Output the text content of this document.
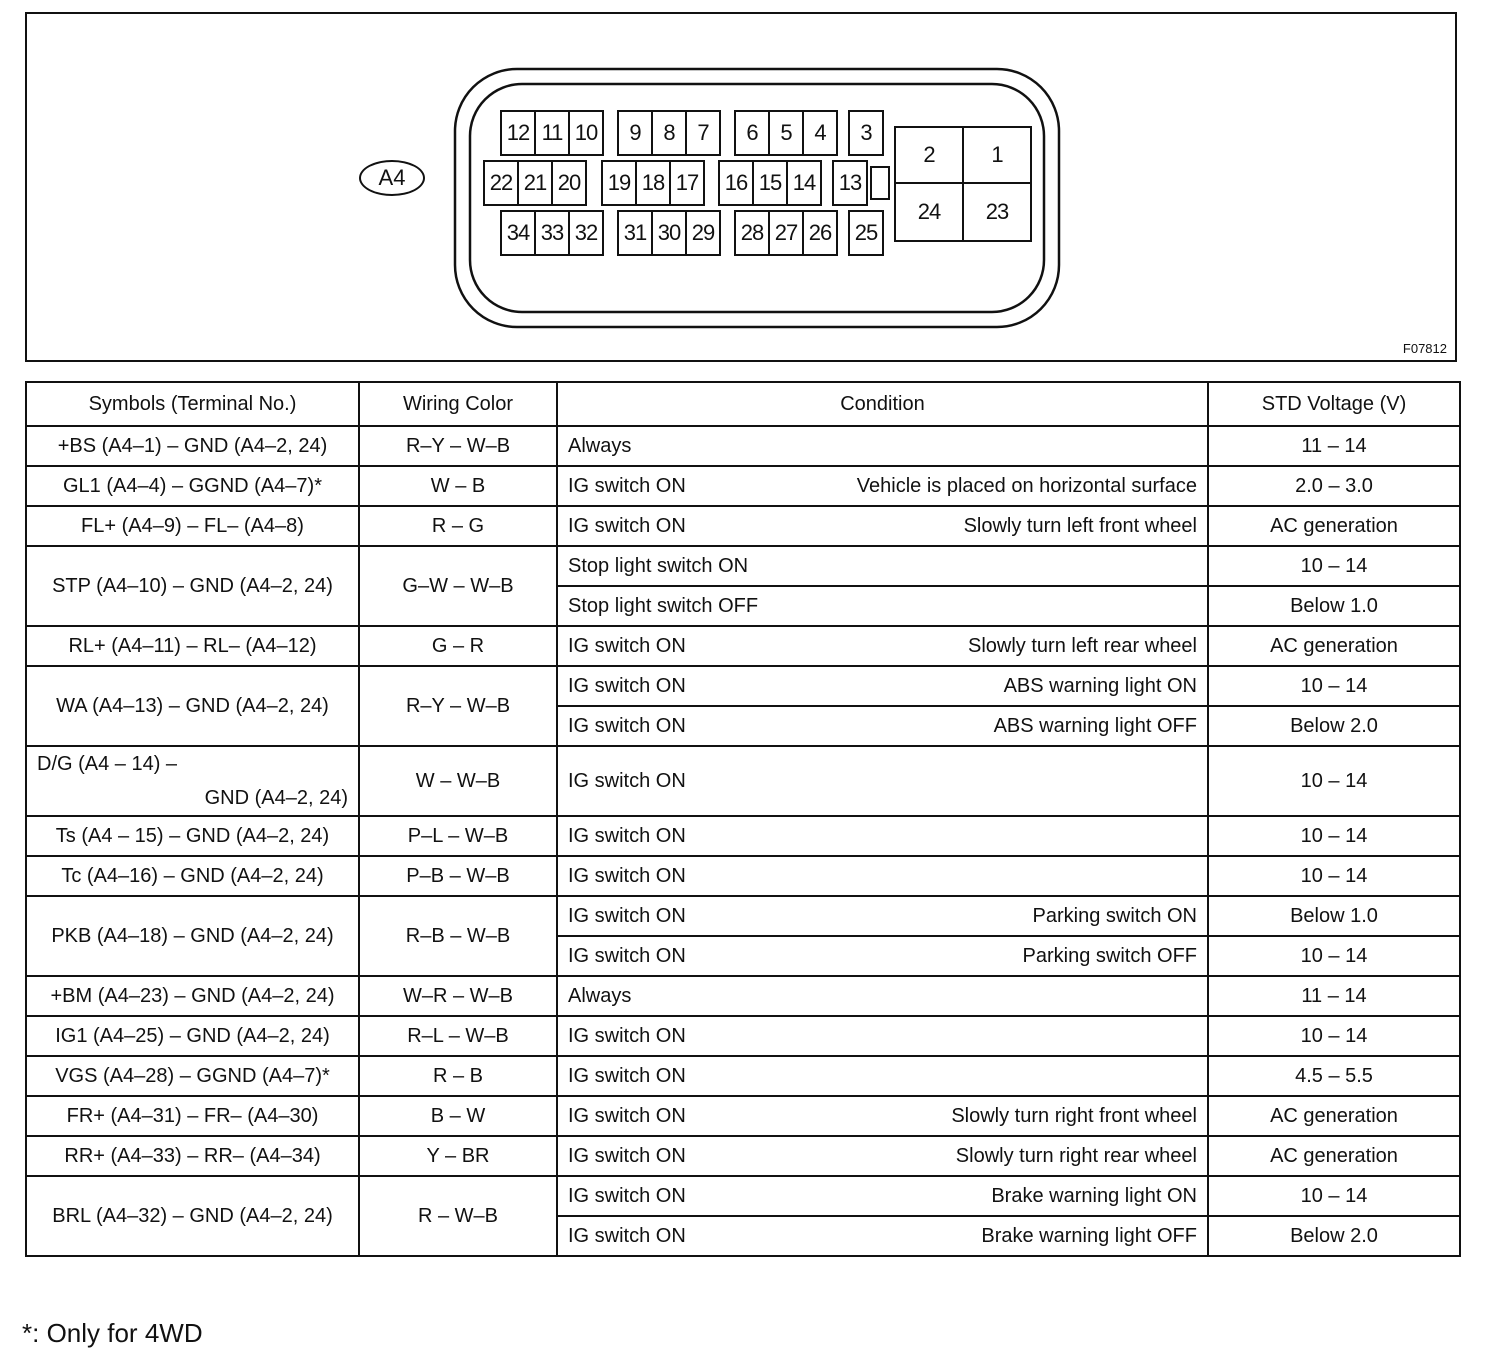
A4
12 11 10	9	8	7	6	5	4	3
22 21 20	19 18 17	16 15 14	13
34 33 32	31 30 29	28 27 26	25
2	1
24	23
F07812
Symbols (Terminal No.)	Wiring Color	Condition	STD Voltage (V)
+BS (A4–1) – GND (A4–2, 24)	R–Y – W–B	Always	11 – 14
GL1 (A4–4) – GGND (A4–7)*	W – B	IG switch ON Vehicle is placed on horizontal surface	2.0 – 3.0
FL+ (A4–9) – FL– (A4–8)	R – G	IG switch ON Slowly turn left front wheel	AC generation
STP (A4–10) – GND (A4–2, 24)	G–W – W–B	Stop light switch ON	10 – 14

		Stop light switch OFF	Below 1.0
RL+ (A4–11) – RL– (A4–12)	G – R	IG switch ON Slowly turn left rear wheel	AC generation
WA (A4–13) – GND (A4–2, 24)	R–Y – W–B	IG switch ON ABS warning light ON	10 – 14

		IG switch ON ABS warning light OFF	Below 2.0
D/G (A4 – 14) –
GND (A4–2, 24)	W – W–B	IG switch ON	10 – 14
Ts (A4 – 15) – GND (A4–2, 24)	P–L – W–B	IG switch ON	10 – 14
Tc (A4–16) – GND (A4–2, 24)	P–B – W–B	IG switch ON	10 – 14
PKB (A4–18) – GND (A4–2, 24)	R–B – W–B	IG switch ON Parking switch ON	Below 1.0

		IG switch ON Parking switch OFF	10 – 14
+BM (A4–23) – GND (A4–2, 24)	W–R – W–B	Always	11 – 14
IG1 (A4–25) – GND (A4–2, 24)	R–L – W–B	IG switch ON	10 – 14
VGS (A4–28) – GGND (A4–7)*	R – B	IG switch ON	4.5 – 5.5
FR+ (A4–31) – FR– (A4–30)	B – W	IG switch ON Slowly turn right front wheel	AC generation
RR+ (A4–33) – RR– (A4–34)	Y – BR	IG switch ON Slowly turn right rear wheel	AC generation
BRL (A4–32) – GND (A4–2, 24)	R – W–B	IG switch ON Brake warning light ON	10 – 14

		IG switch ON Brake warning light OFF	Below 2.0
*: Only for 4WD
